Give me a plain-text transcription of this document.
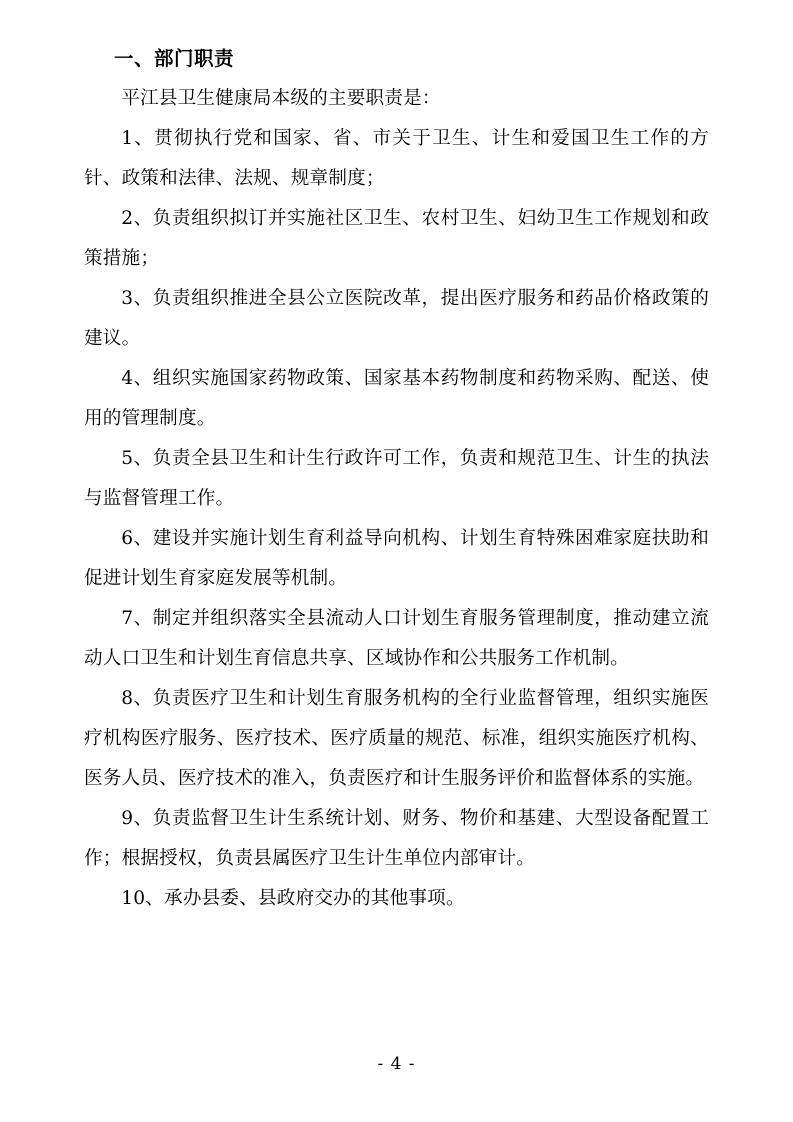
一、部门职责

平江县卫生健康局本级的主要职责是：

1、贯彻执行党和国家、省、市关于卫生、计生和爱国卫生工作的方针、政策和法律、法规、规章制度；

2、负责组织拟订并实施社区卫生、农村卫生、妇幼卫生工作规划和政策措施；

3、负责组织推进全县公立医院改革，提出医疗服务和药品价格政策的建议。

4、组织实施国家药物政策、国家基本药物制度和药物采购、配送、使用的管理制度。

5、负责全县卫生和计生行政许可工作，负责和规范卫生、计生的执法与监督管理工作。

6、建设并实施计划生育利益导向机构、计划生育特殊困难家庭扶助和促进计划生育家庭发展等机制。

7、制定并组织落实全县流动人口计划生育服务管理制度，推动建立流动人口卫生和计划生育信息共享、区域协作和公共服务工作机制。

8、负责医疗卫生和计划生育服务机构的全行业监督管理，组织实施医疗机构医疗服务、医疗技术、医疗质量的规范、标准，组织实施医疗机构、医务人员、医疗技术的准入，负责医疗和计生服务评价和监督体系的实施。

9、负责监督卫生计生系统计划、财务、物价和基建、大型设备配置工作；根据授权，负责县属医疗卫生计生单位内部审计。

10、承办县委、县政府交办的其他事项。

- 4 -
